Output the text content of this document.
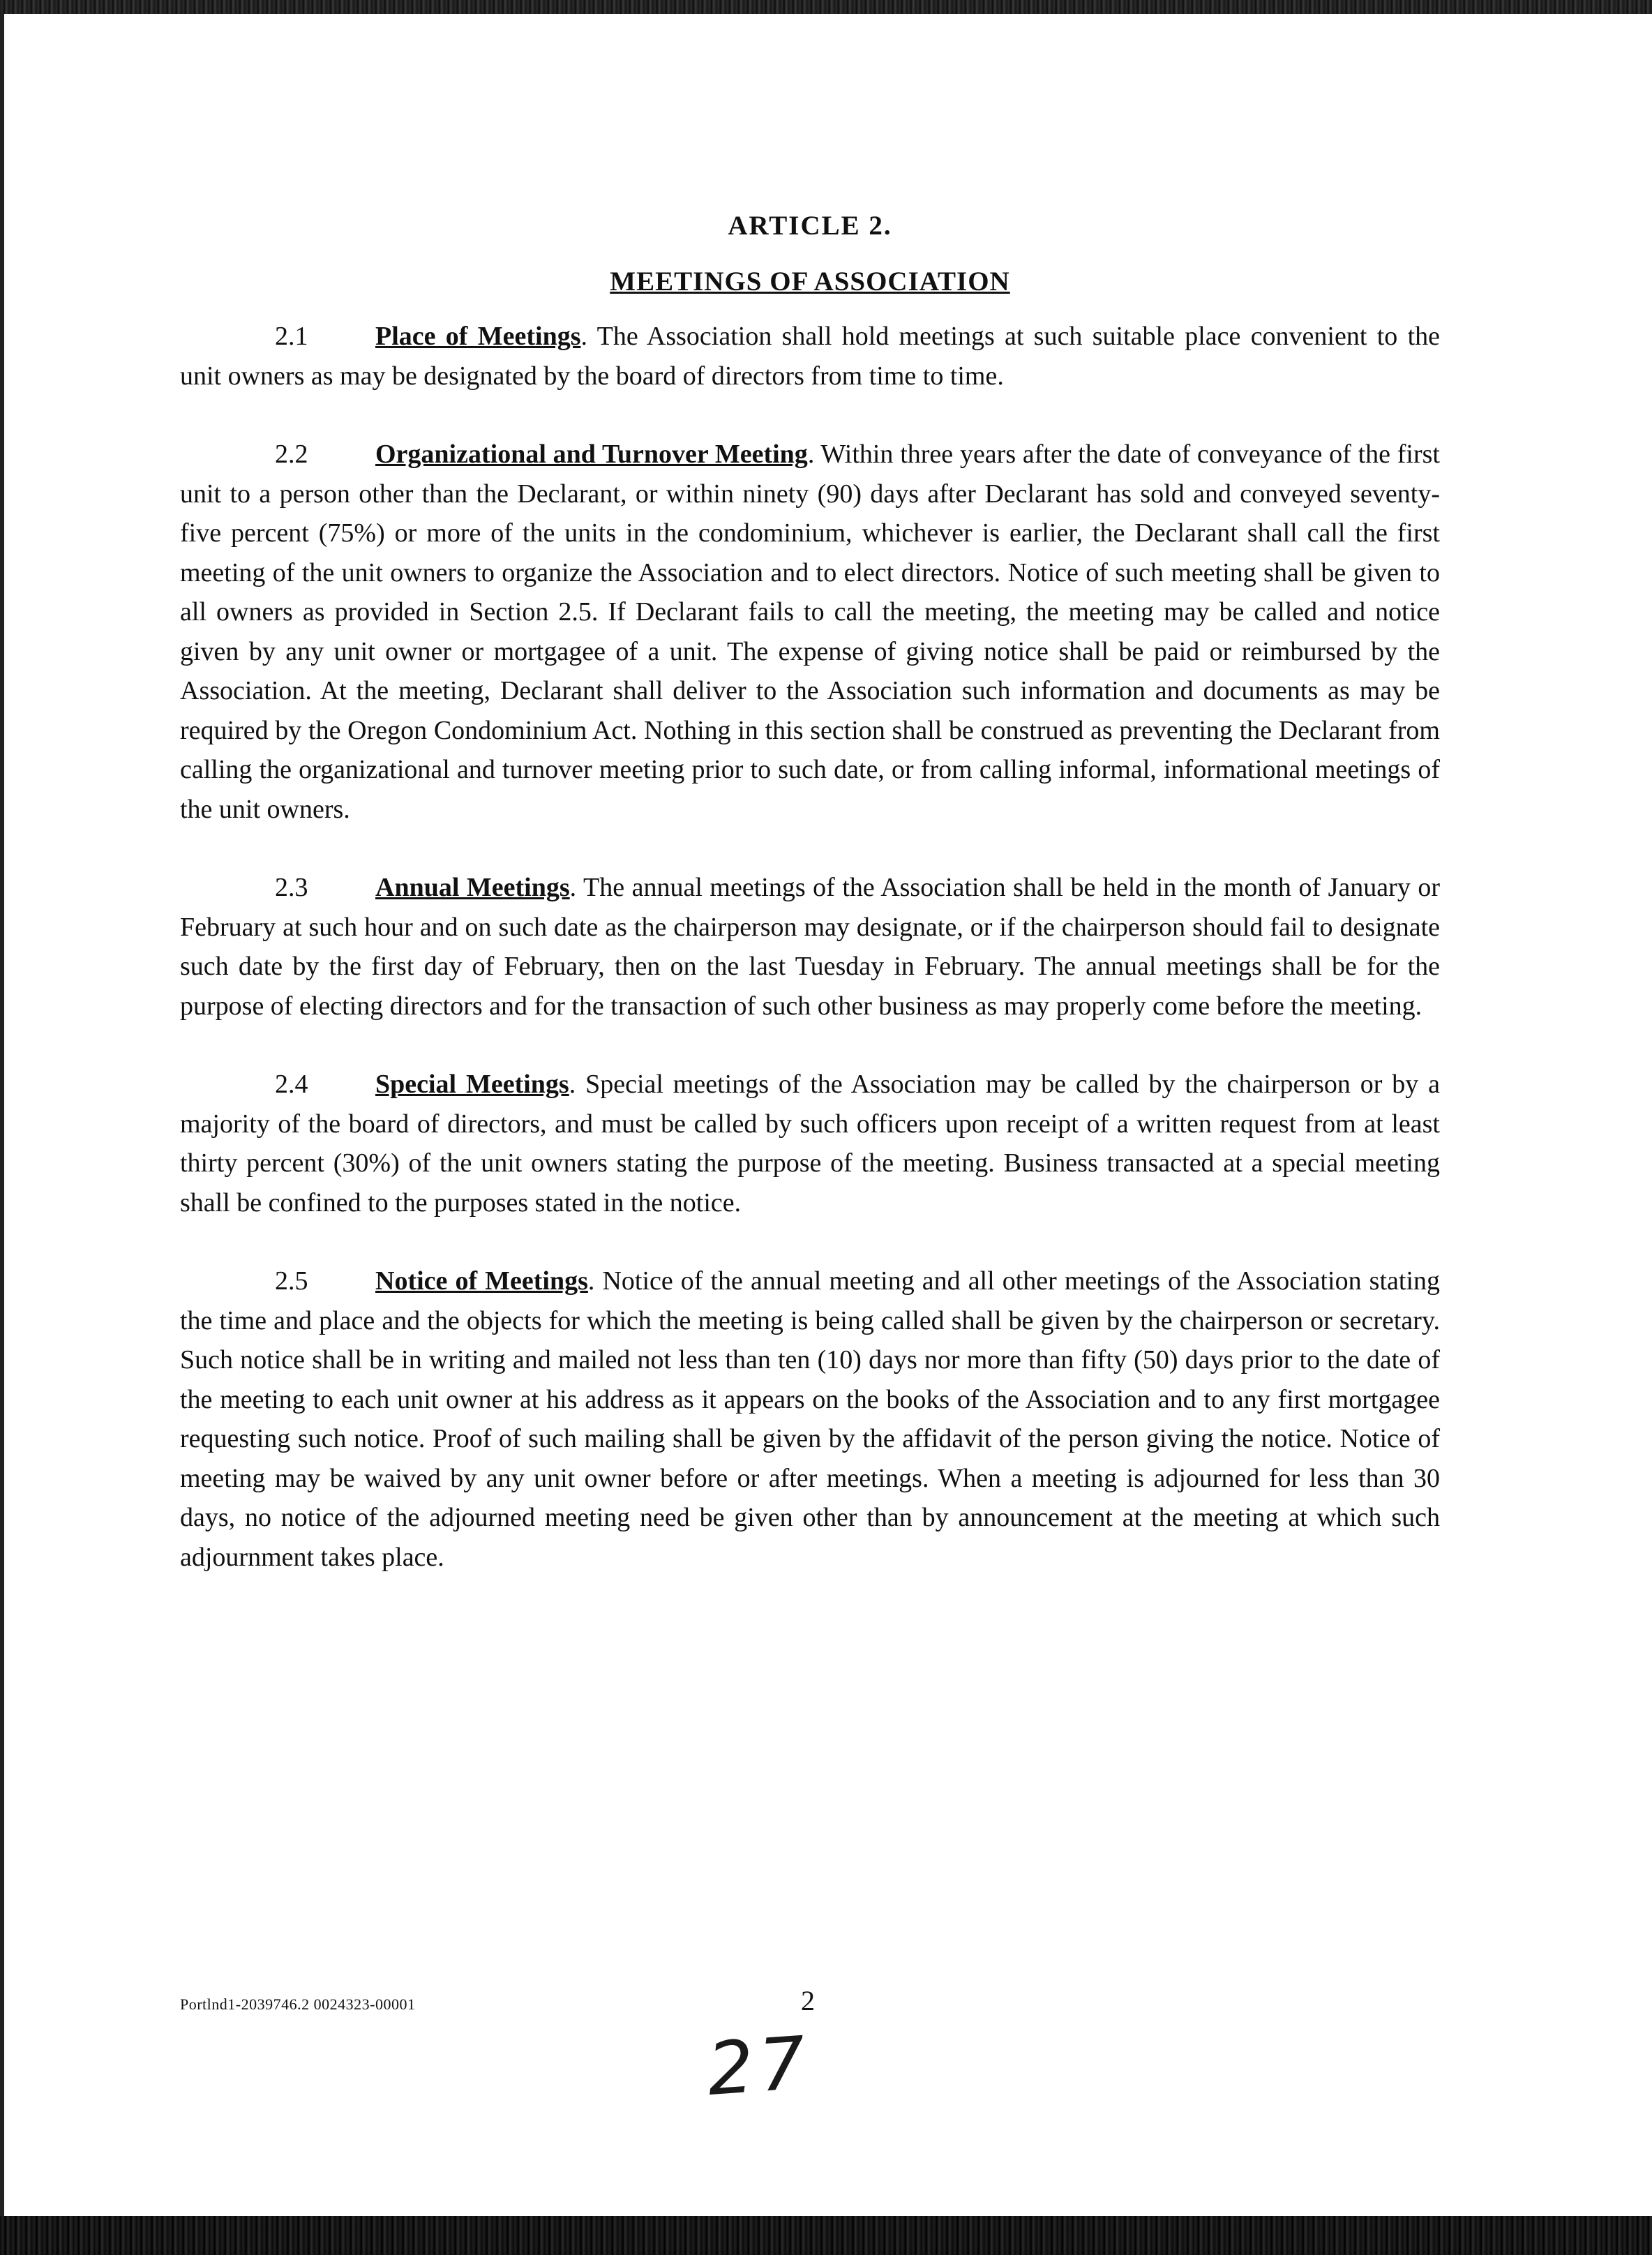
ARTICLE 2.
MEETINGS OF ASSOCIATION

2.1	Place of Meetings. The Association shall hold meetings at such suitable place convenient to the unit owners as may be designated by the board of directors from time to time.

2.2	Organizational and Turnover Meeting. Within three years after the date of conveyance of the first unit to a person other than the Declarant, or within ninety (90) days after Declarant has sold and conveyed seventy-five percent (75%) or more of the units in the condominium, whichever is earlier, the Declarant shall call the first meeting of the unit owners to organize the Association and to elect directors. Notice of such meeting shall be given to all owners as provided in Section 2.5. If Declarant fails to call the meeting, the meeting may be called and notice given by any unit owner or mortgagee of a unit. The expense of giving notice shall be paid or reimbursed by the Association. At the meeting, Declarant shall deliver to the Association such information and documents as may be required by the Oregon Condominium Act. Nothing in this section shall be construed as preventing the Declarant from calling the organizational and turnover meeting prior to such date, or from calling informal, informational meetings of the unit owners.

2.3	Annual Meetings. The annual meetings of the Association shall be held in the month of January or February at such hour and on such date as the chairperson may designate, or if the chairperson should fail to designate such date by the first day of February, then on the last Tuesday in February. The annual meetings shall be for the purpose of electing directors and for the transaction of such other business as may properly come before the meeting.

2.4	Special Meetings. Special meetings of the Association may be called by the chairperson or by a majority of the board of directors, and must be called by such officers upon receipt of a written request from at least thirty percent (30%) of the unit owners stating the purpose of the meeting. Business transacted at a special meeting shall be confined to the purposes stated in the notice.

2.5	Notice of Meetings. Notice of the annual meeting and all other meetings of the Association stating the time and place and the objects for which the meeting is being called shall be given by the chairperson or secretary. Such notice shall be in writing and mailed not less than ten (10) days nor more than fifty (50) days prior to the date of the meeting to each unit owner at his address as it appears on the books of the Association and to any first mortgagee requesting such notice. Proof of such mailing shall be given by the affidavit of the person giving the notice. Notice of meeting may be waived by any unit owner before or after meetings. When a meeting is adjourned for less than 30 days, no notice of the adjourned meeting need be given other than by announcement at the meeting at which such adjournment takes place.

Portlnd1-2039746.2 0024323-00001	2
27
